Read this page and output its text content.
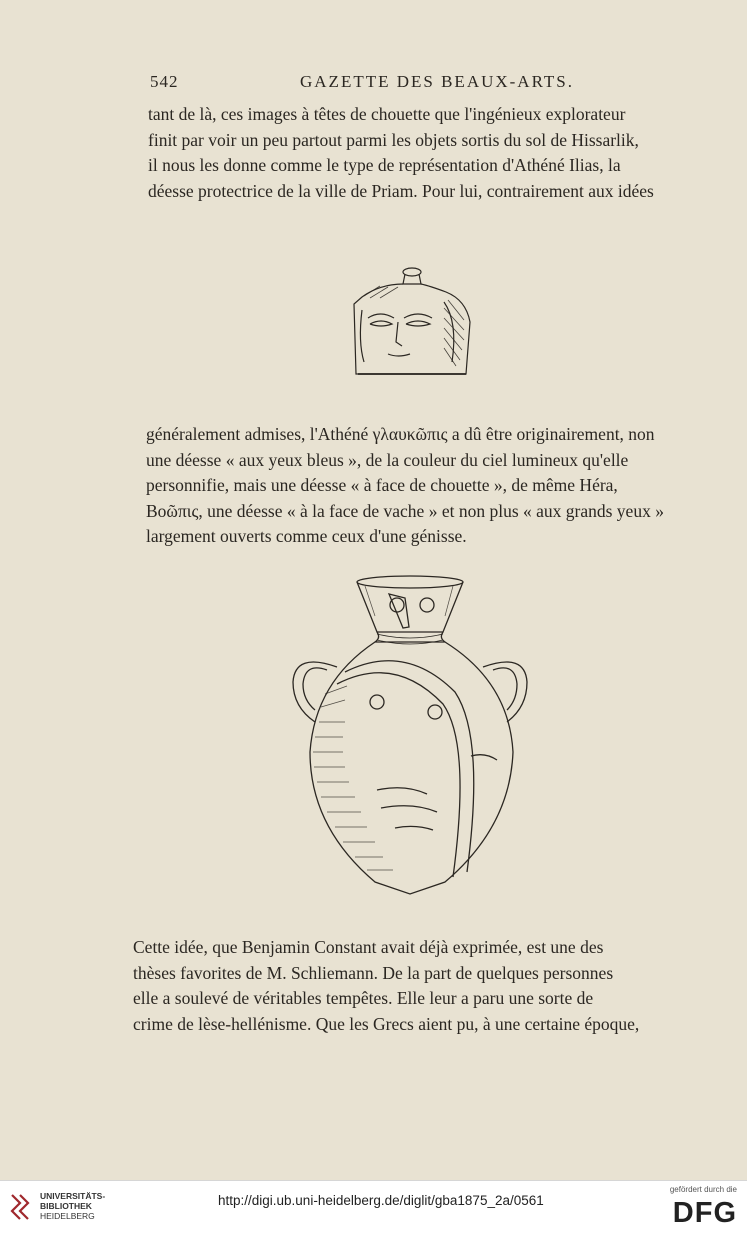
542	GAZETTE DES BEAUX-ARTS.

tant de là, ces images à têtes de chouette que l'ingénieux explorateur
finit par voir un peu partout parmi les objets sortis du sol de Hissarlik,
il nous les donne comme le type de représentation d'Athéné Ilias, la
déesse protectrice de la ville de Priam. Pour lui, contrairement aux idées

généralement admises, l'Athéné γλαυκῶπις a dû être originairement, non
une déesse « aux yeux bleus », de la couleur du ciel lumineux qu'elle
personnifie, mais une déesse « à face de chouette », de même Héra,
Βοῶπις, une déesse « à la face de vache » et non plus « aux grands yeux »
largement ouverts comme ceux d'une génisse.

Cette idée, que Benjamin Constant avait déjà exprimée, est une des
thèses favorites de M. Schliemann. De la part de quelques personnes
elle a soulevé de véritables tempêtes. Elle leur a paru une sorte de
crime de lèse-hellénisme. Que les Grecs aient pu, à une certaine époque,

UNIVERSITÄTS-
BIBLIOTHEK
HEIDELBERG
http://digi.ub.uni-heidelberg.de/diglit/gba1875_2a/0561
gefördert durch die
DFG
